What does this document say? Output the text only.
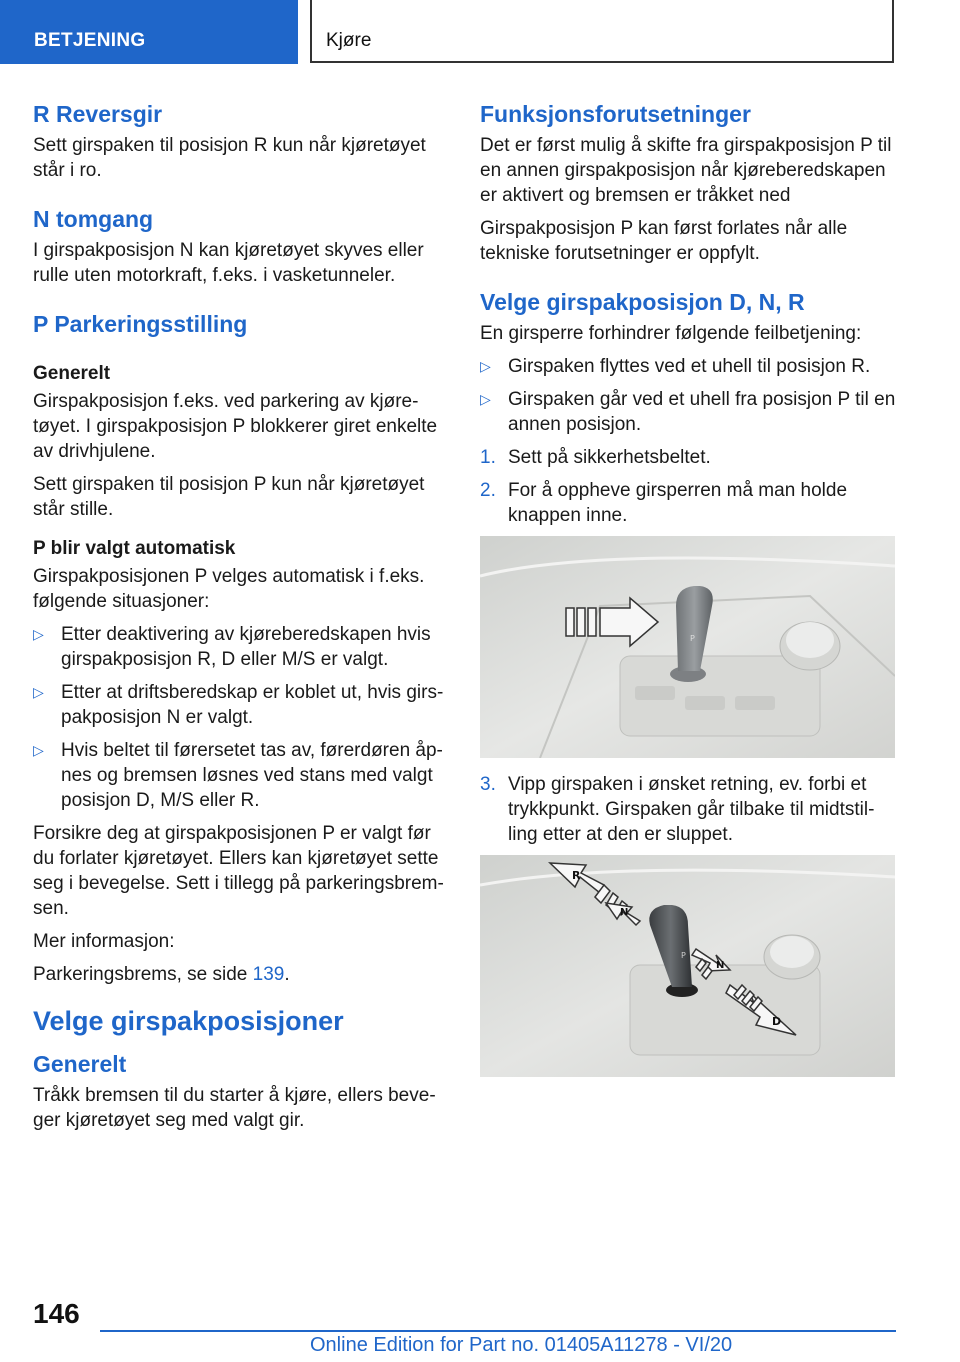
BETJENING	Kjøre
R Reversgir

Sett girspaken til posisjon R kun når kjøretøyet står i ro.

N tomgang

I girspakposisjon N kan kjøretøyet skyves eller rulle uten motorkraft, f.eks. i vasketunneler.

P Parkeringsstilling
Generelt

Girspakposisjon f.eks. ved parkering av kjøretøyet. I girspakposisjon P blokkerer giret enkelte av drivhjulene.

Sett girspaken til posisjon P kun når kjøretøyet står stille.

P blir valgt automatisk

Girspakposisjonen P velges automatisk i f.eks. følgende situasjoner:

▷ Etter deaktivering av kjøreberedskapen hvis girspakposisjon R, D eller M/S er valgt.
▷ Etter at driftsberedskap er koblet ut, hvis girspakposisjon N er valgt.
▷ Hvis beltet til førersetet tas av, førerdøren åpnes og bremsen løsnes ved stans med valgt posisjon D, M/S eller R.

Forsikre deg at girspakposisjonen P er valgt før du forlater kjøretøyet. Ellers kan kjøretøyet sette seg i bevegelse. Sett i tillegg på parkeringsbremsen.

Mer informasjon:

Parkeringsbrems, se side 139.

Velge girspakposisjoner
Generelt

Tråkk bremsen til du starter å kjøre, ellers beveger kjøretøyet seg med valgt gir.

Funksjonsforutsetninger

Det er først mulig å skifte fra girspakposisjon P til en annen girspakposisjon når kjøreberedskapen er aktivert og bremsen er tråkket ned

Girspakposisjon P kan først forlates når alle tekniske forutsetninger er oppfylt.

Velge girspakposisjon D, N, R

En girsperre forhindrer følgende feilbetjening:

▷ Girspaken flyttes ved et uhell til posisjon R.
▷ Girspaken går ved et uhell fra posisjon P til en annen posisjon.
1. Sett på sikkerhetsbeltet.
2. For å oppheve girsperren må man holde knappen inne.
P
3. Vipp girspaken i ønsket retning, ev. forbi et trykkpunkt. Girspaken går tilbake til midtstilling etter at den er sluppet.
P
R
N
N
D
146
Online Edition for Part no. 01405A11278 - VI/20
